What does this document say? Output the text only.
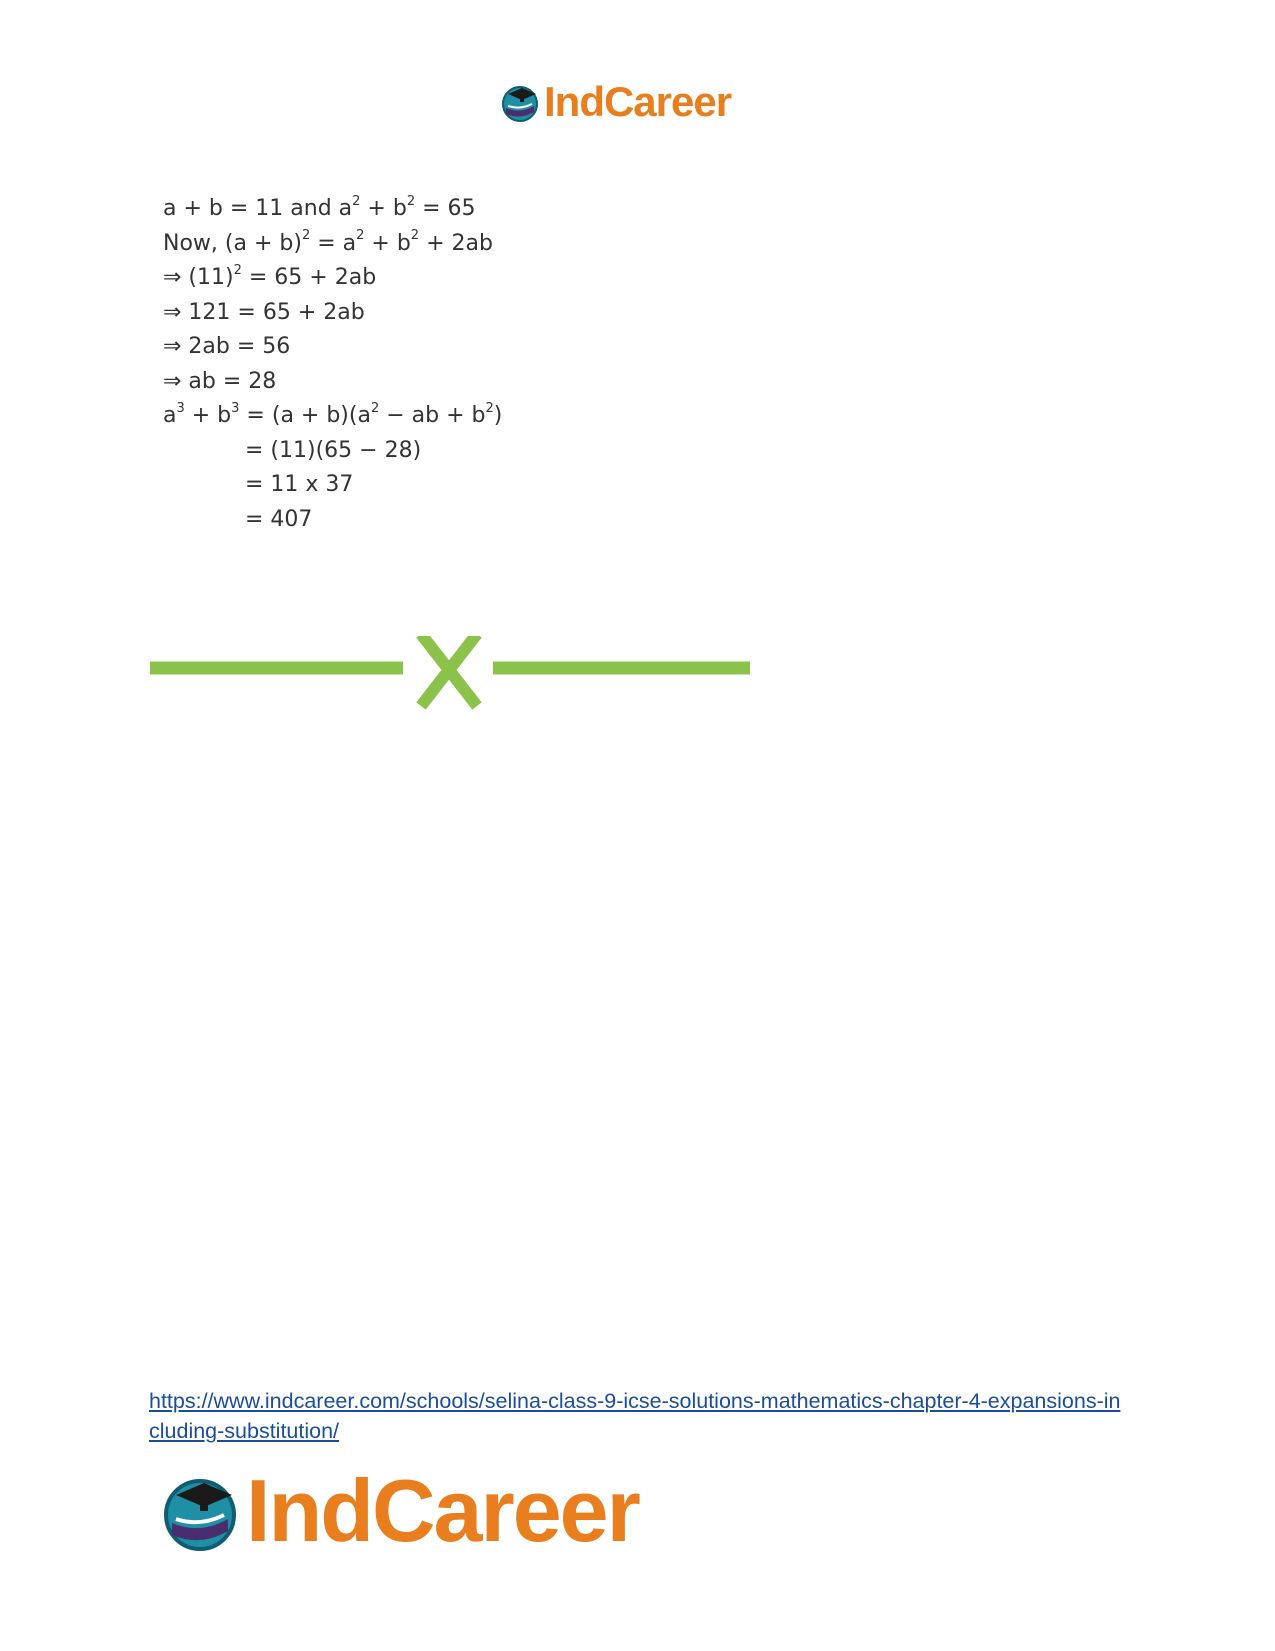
IndCareer
a + b = 11 and $a^2 + b^2 = 65$
Now, $(a + b)^2 = a^2 + b^2 + 2ab$
⇒ $(11)^2 = 65 + 2ab$
⇒ 121 = 65 + 2ab
⇒ 2ab = 56
⇒ ab = 28
$a^3 + b^3 = (a + b)(a^2$ − ab + $b^2$)
= (11)(65 − 28)
= 11 x 37
= 407
https://www.indcareer.com/schools/selina-class-9-icse-solutions-mathematics-chapter-4-expansions-including-substitution/
IndCareer
